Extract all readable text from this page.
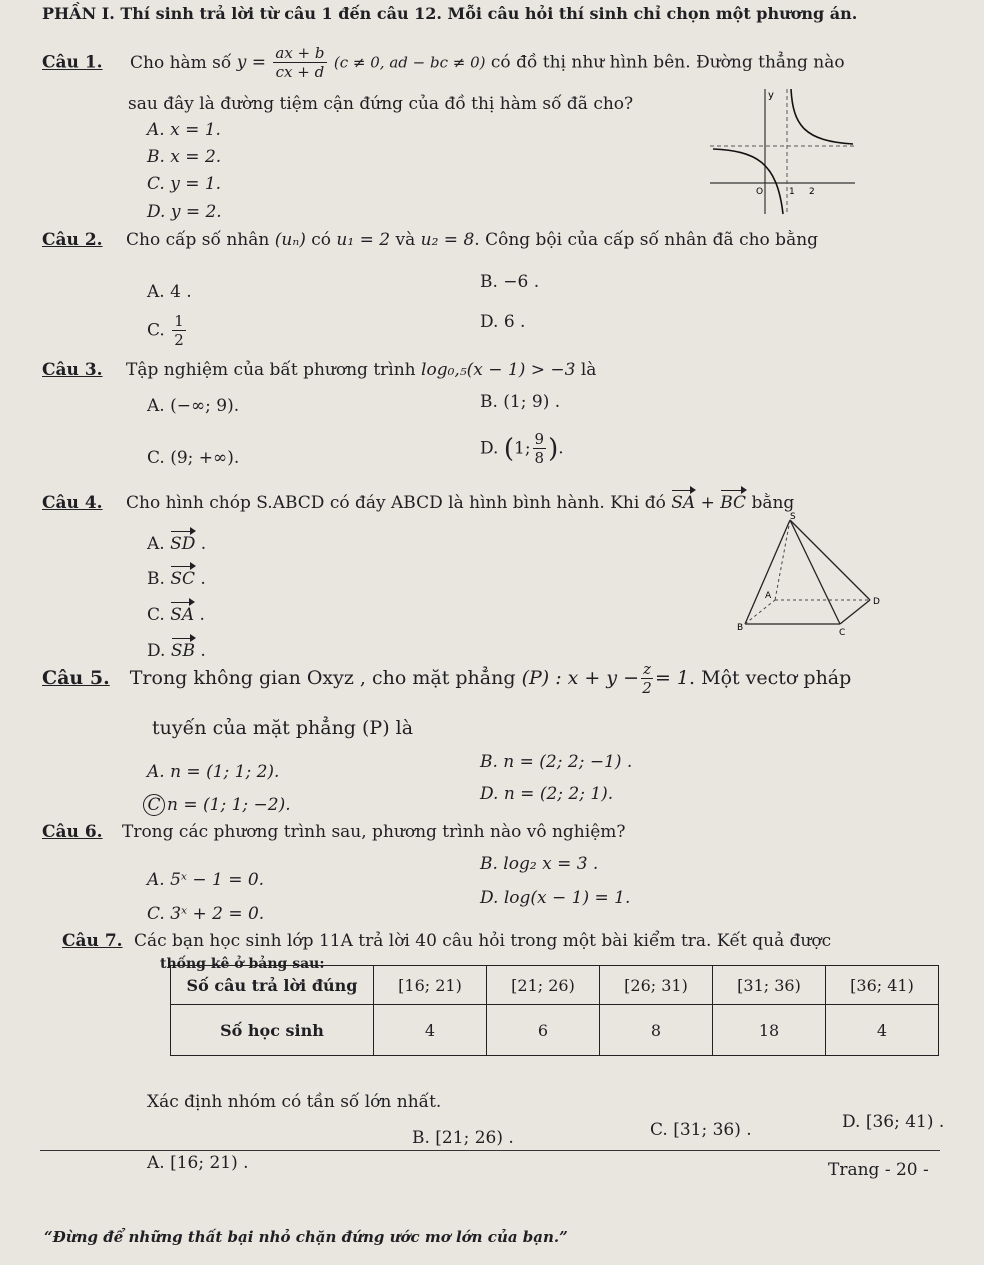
PHẦN I. Thí sinh trả lời từ câu 1 đến câu 12. Mỗi câu hỏi thí sinh chỉ chọn một phương án.
Câu 1. Cho hàm số $y = \frac{ax + b}{cx + d} (c \ne 0$, ad − bc ≠ 0) có đồ thị như hình bên. Đường thẳng nào
sau đây là đường tiệm cận đứng của đồ thị hàm số đã cho?
A. x = 1.
B. x = 2.
C. y = 1.
D. y = 2.
y
O	1 2
Câu 2. Cho cấp số nhân (uₙ) có u₁ = 2 và u₂ = 8. Công bội của cấp số nhân đã cho bằng
A. 4 .	B. −6 .
C. $\frac{1}{2}$	D. 6 .
Câu 3. Tập nghiệm của bất phương trình log₀,₅(x − 1) > −3 là
A. (−∞; 9).	B. (1; 9) .
C. (9; +∞).	D. (1; $\frac{9}{8}$ ).
Câu 4. Cho hình chóp S.ABCD có đáy ABCD là hình bình hành. Khi đó SA + BC bằng
A. SD .
B. SC .
C. SA .
D. SB .
S
A
B	C
D
Câu 5. Trong không gian Oxyz , cho mặt phẳng (P) : $x + y - \frac{z}{2} = 1$. Một vectơ pháp
tuyến của mặt phẳng (P) là
A. n = (1; 1; 2).	B. n = (2; 2; −1) .
C n = (1; 1; −2).
D. n = (2; 2; 1).
Câu 6. Trong các phương trình sau, phương trình nào vô nghiệm?
A. 5ˣ − 1 = 0.
B. log₂ x = 3 .
C. 3ˣ + 2 = 0.
D. log(x − 1) = 1.
Câu 7. Các bạn học sinh lớp 11A trả lời 40 câu hỏi trong một bài kiểm tra. Kết quả được
thống kê ở bảng sau:
Số câu trả lời đúng	[16; 21)	[21; 26)	[26; 31)	[31; 36)	[36; 41)
Số học sinh	4	6	8	18	4
Xác định nhóm có tần số lớn nhất.
A. [16; 21) .
B. [21; 26) .	C. [31; 36) .	D. [36; 41) .
Trang - 20 -
“Đừng để những thất bại nhỏ chặn đứng ước mơ lớn của bạn.”
